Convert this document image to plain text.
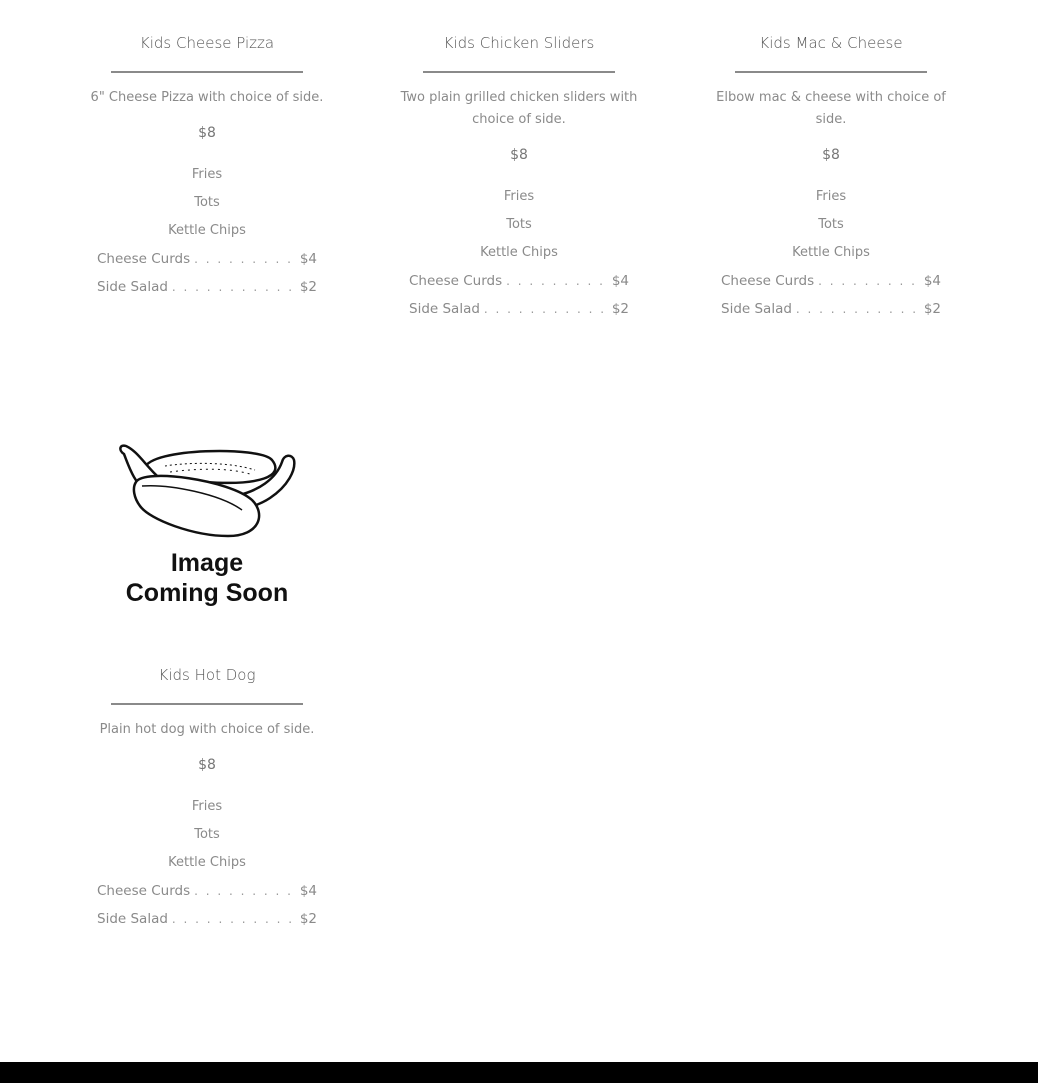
Kids Cheese Pizza
6" Cheese Pizza with choice of side.
$8
Fries
Tots
Kettle Chips
Cheese Curds . . .	$4
Side Salad . . .	$2
Kids Chicken Sliders
Two plain grilled chicken sliders with choice of side.
$8
Fries
Tots
Kettle Chips
Cheese Curds . . .	$4
Side Salad . . .	$2
Kids Mac & Cheese
Elbow mac & cheese with choice of side.
$8
Fries
Tots
Kettle Chips
Cheese Curds . . .	$4
Side Salad . . .	$2
Image
Coming Soon
Kids Hot Dog
Plain hot dog with choice of side.
$8
Fries
Tots
Kettle Chips
Cheese Curds . . .	$4
Side Salad . . .	$2
